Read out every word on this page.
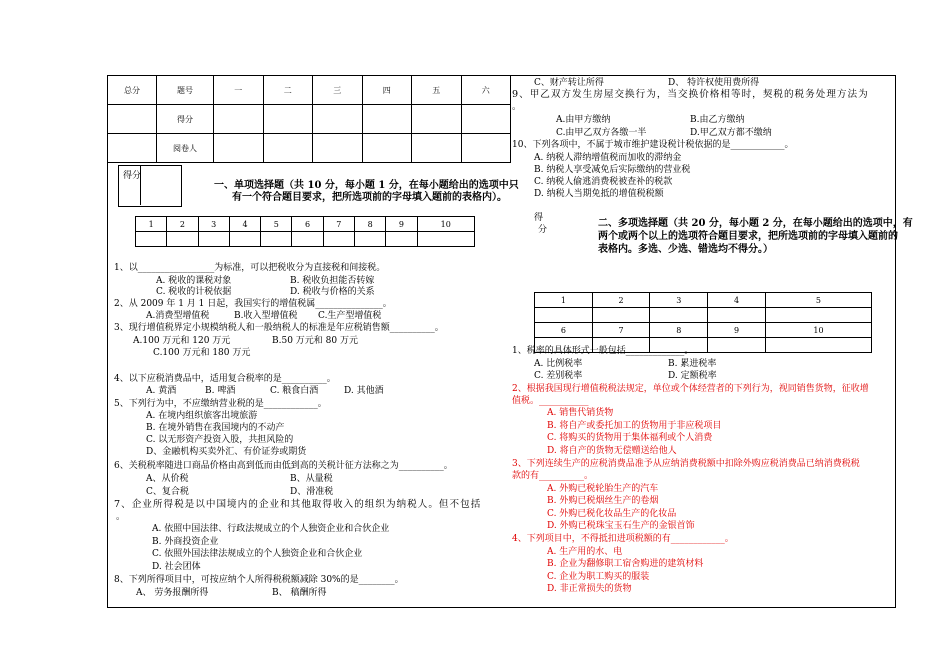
总分	题号	一	二	三	四	五	六
	得分						
	阅卷人						
得分
一、单项选择题（共 10 分，每小题 1 分，在每小题给出的选项中只
有一个符合题目要求，把所选项前的字母填入题前的表格内）。
1	2	3	4	5	6	7	8	9	10

1、以_________________为标准，可以把税收分为直接税和间接税。
A. 税收的课税对象	B. 税收负担能否转嫁
C. 税收的计税依据	D. 税收与价格的关系
2、从 2009 年 1 月 1 日起，我国实行的增值税属_______________。
A.消费型增值税	B.收入型增值税 C.生产型增值税
3、现行增值税界定小规模纳税人和一般纳税人的标准是年应税销售额__________。
A.100 万元和 120 万元	B.50 万元和 80 万元
C.100 万元和 180 万元
4、以下应税消费品中，适用复合税率的是__________。
A. 黄酒	B. 啤酒	C. 粮食白酒	D. 其他酒
5、下列行为中，不应缴纳营业税的是____________。
A. 在境内组织旅客出境旅游
B. 在境外销售在我国境内的不动产
C. 以无形资产投资入股，共担风险的
D、金融机构买卖外汇、有价证券或期货
6、关税税率随进口商品价格由高到低而由低到高的关税计征方法称之为__________。
A、从价税	B、从量税
C、复合税	D、滑准税
7、企业所得税是以中国境内的企业和其他取得收入的组织为纳税人。但不包括
。
A. 依照中国法律、行政法规成立的个人独资企业和合伙企业
B. 外商投资企业
C. 依照外国法律法规成立的个人独资企业和合伙企业
D. 社会团体
8、下列所得项目中，可按应纳个人所得税税额减除 30%的是________。
A、 劳务报酬所得	B、 稿酬所得
C、财产转让所得	D、 特许权使用费所得
9、甲乙双方发生房屋交换行为，当交换价格相等时，契税的税务处理方法为
。
A.由甲方缴纳	B.由乙方缴纳
C.由甲乙双方各缴一半	D.甲乙双方都不缴纳
10、下列各项中，不属于城市维护建设税计税依据的是____________。
A. 纳税人滞纳增值税而加收的滞纳金
B. 纳税人享受减免后实际缴纳的营业税
C. 纳税人偷逃消费税被查补的税款
D. 纳税人当期免抵的增值税税额
得
分
二、多项选择题（共 20 分，每小题 2 分，在每小题给出的选项中，有
两个或两个以上的选项符合题目要求，把所选项前的字母填入题前的
表格内。多选、少选、错选均不得分。）
1	2	3	4	5

6	7	8	9	10

1、税率的具体形式一般包括_____________。
A. 比例税率	B. 累进税率
C. 差别税率	D. 定额税率
2、根据我国现行增值税税法规定，单位或个体经营者的下列行为，视同销售货物，征收增
值税。___________
A. 销售代销货物
B. 将自产或委托加工的货物用于非应税项目
C. 将购买的货物用于集体福利或个人消费
D. 将自产的货物无偿赠送给他人
3、下列连续生产的应税消费品准予从应纳消费税额中扣除外购应税消费品已纳消费税税
款的有__________。
A. 外购已税轮胎生产的汽车
B. 外购已税烟丝生产的卷烟
C. 外购已税化妆品生产的化妆品
D. 外购已税珠宝玉石生产的金银首饰
4、下列项目中，不得抵扣进项税额的有____________。
A. 生产用的水、电
B. 企业为翻修职工宿舍购进的建筑材料
C. 企业为职工购买的服装
D. 非正常损失的货物
